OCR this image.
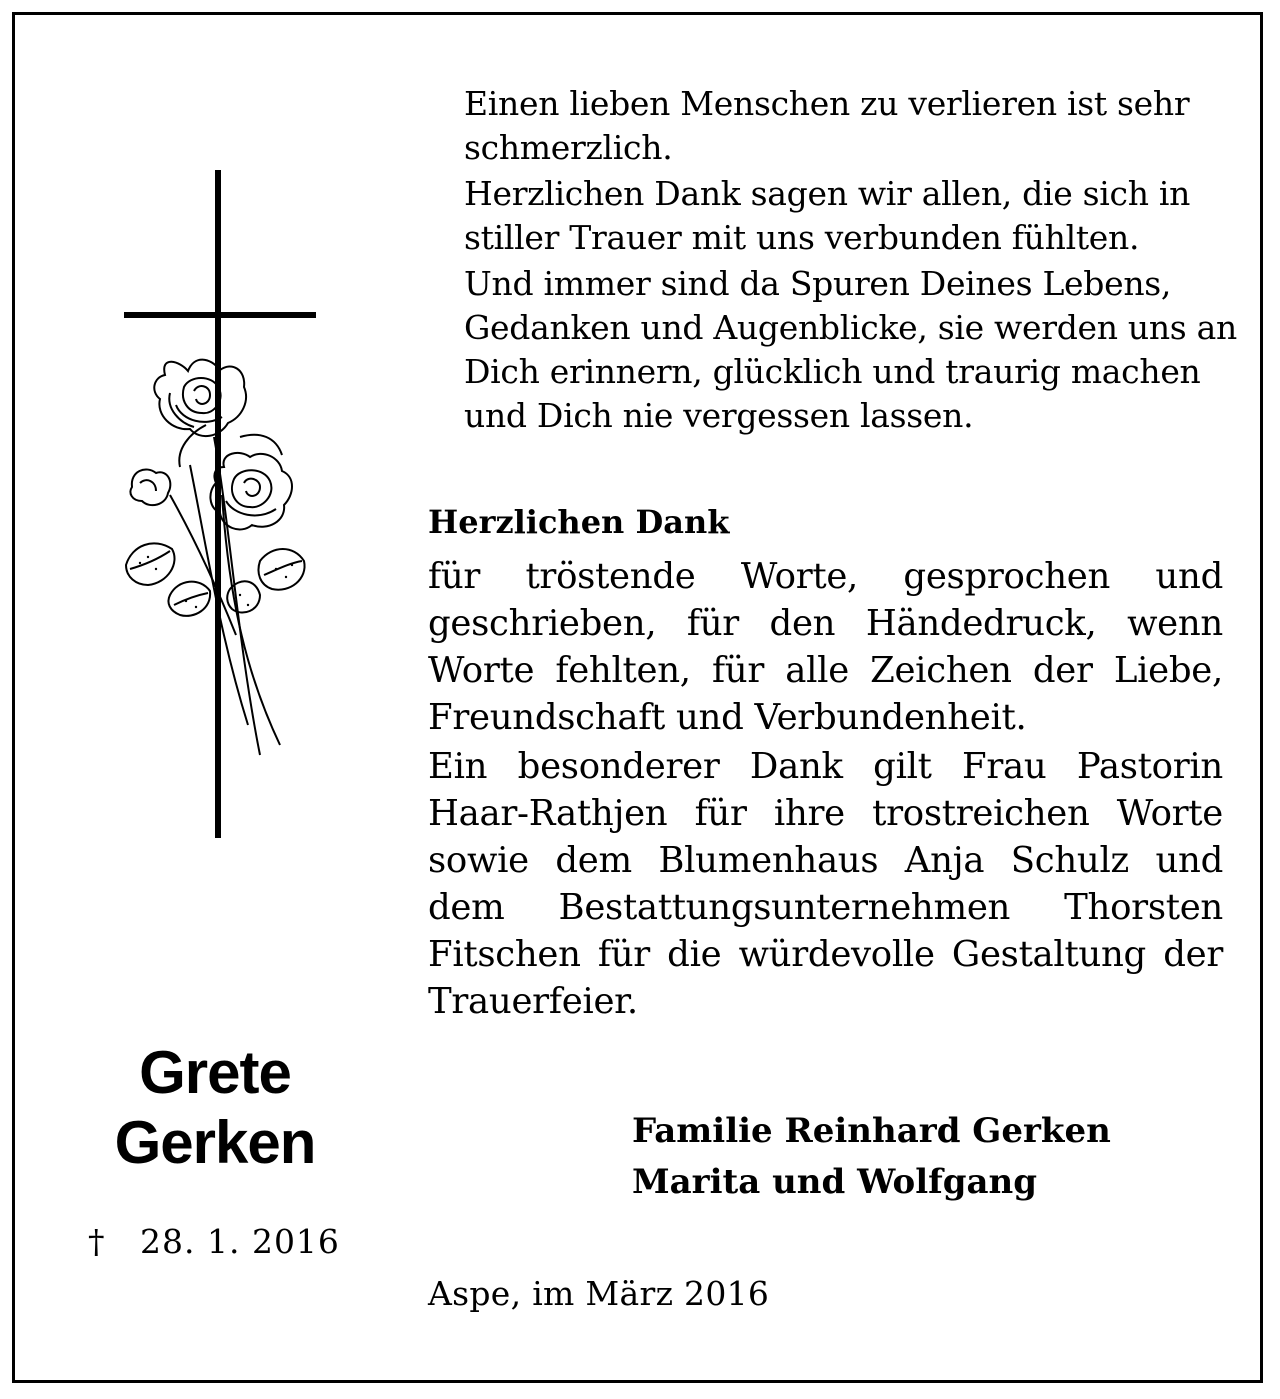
Einen lieben Menschen zu verlieren ist sehr schmerzlich.

Herzlichen Dank sagen wir allen, die sich in stiller Trauer mit uns verbunden fühlten.

Und immer sind da Spuren Deines Lebens, Gedanken und Augenblicke, sie werden uns an Dich erinnern, glücklich und traurig machen und Dich nie vergessen lassen.

Herzlichen Dank

für tröstende Worte, gesprochen und geschrieben, für den Händedruck, wenn Worte fehlten, für alle Zeichen der Liebe, Freundschaft und Verbundenheit.

Ein besonderer Dank gilt Frau Pastorin Haar-Rathjen für ihre trostreichen Worte sowie dem Blumenhaus Anja Schulz und dem Bestattungsunternehmen Thorsten Fitschen für die würdevolle Gestaltung der Trauerfeier.

Grete
Gerken
† 28. 1. 2016
Familie Reinhard Gerken
Marita und Wolfgang
Aspe, im März 2016
